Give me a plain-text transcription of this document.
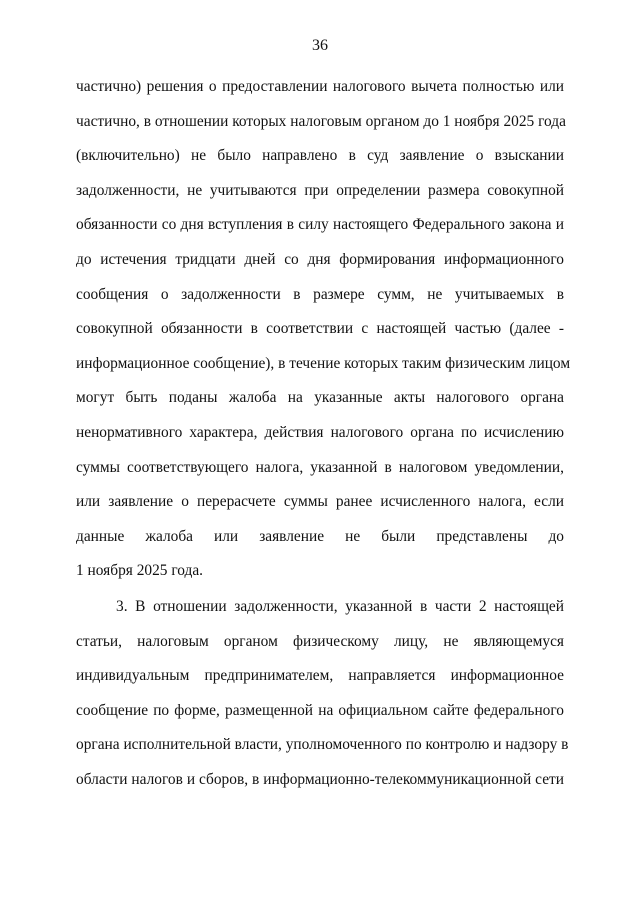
36
частично) решения о предоставлении налогового вычета полностью или
частично, в отношении которых налоговым органом до 1 ноября 2025 года
(включительно) не было направлено в суд заявление о взыскании
задолженности, не учитываются при определении размера совокупной
обязанности со дня вступления в силу настоящего Федерального закона и
до истечения тридцати дней со дня формирования информационного
сообщения о задолженности в размере сумм, не учитываемых в
совокупной обязанности в соответствии с настоящей частью (далее -
информационное сообщение), в течение которых таким физическим лицом
могут быть поданы жалоба на указанные акты налогового органа
ненормативного характера, действия налогового органа по исчислению
суммы соответствующего налога, указанной в налоговом уведомлении,
или заявление о перерасчете суммы ранее исчисленного налога, если
данные жалоба или заявление не были представлены до
1 ноября 2025 года.
3. В отношении задолженности, указанной в части 2 настоящей
статьи, налоговым органом физическому лицу, не являющемуся
индивидуальным предпринимателем, направляется информационное
сообщение по форме, размещенной на официальном сайте федерального
органа исполнительной власти, уполномоченного по контролю и надзору в
области налогов и сборов, в информационно-телекоммуникационной сети
